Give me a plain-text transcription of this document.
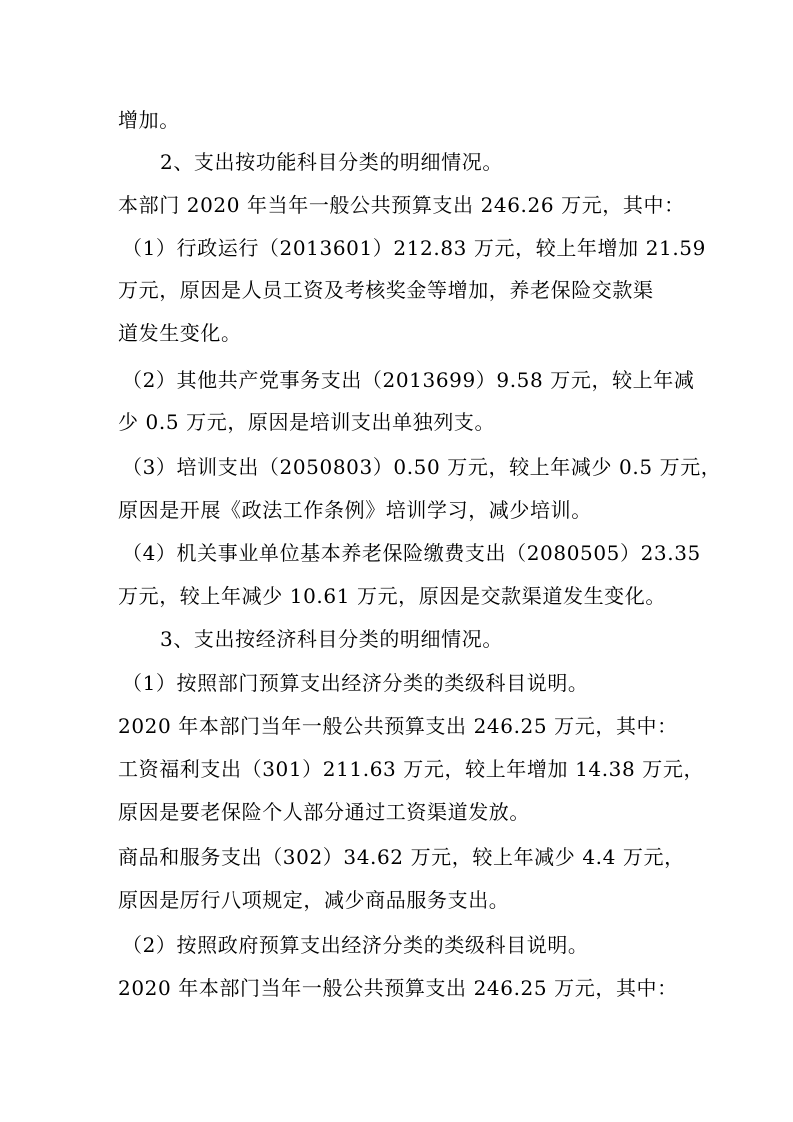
增加。
2、支出按功能科目分类的明细情况。
本部门 2020 年当年一般公共预算支出 246.26 万元，其中：
（1）行政运行（2013601）212.83 万元，较上年增加 21.59
万元，原因是人员工资及考核奖金等增加，养老保险交款渠
道发生变化。
（2）其他共产党事务支出（2013699）9.58 万元，较上年减
少 0.5 万元，原因是培训支出单独列支。
（3）培训支出（2050803）0.50 万元，较上年减少 0.5 万元，
原因是开展《政法工作条例》培训学习，减少培训。
（4）机关事业单位基本养老保险缴费支出（2080505）23.35
万元，较上年减少 10.61 万元，原因是交款渠道发生变化。
3、支出按经济科目分类的明细情况。
（1）按照部门预算支出经济分类的类级科目说明。
2020 年本部门当年一般公共预算支出 246.25 万元，其中：
工资福利支出（301）211.63 万元，较上年增加 14.38 万元，
原因是要老保险个人部分通过工资渠道发放。
商品和服务支出（302）34.62 万元，较上年减少 4.4 万元，
原因是厉行八项规定，减少商品服务支出。
（2）按照政府预算支出经济分类的类级科目说明。
2020 年本部门当年一般公共预算支出 246.25 万元，其中：
